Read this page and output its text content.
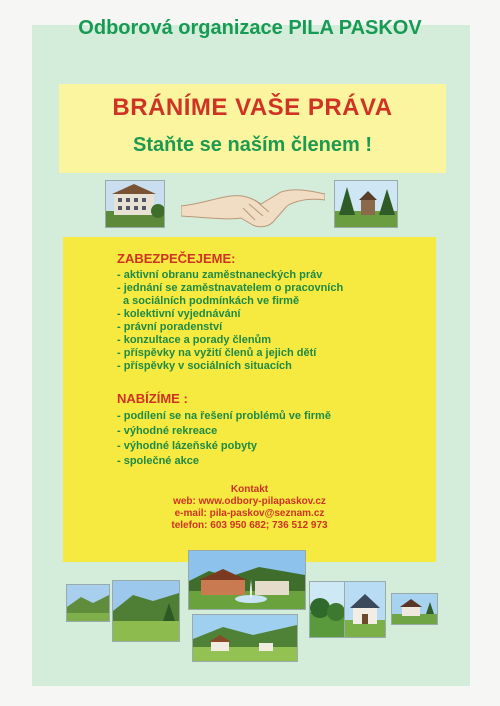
Odborová organizace PILA PASKOV
BRÁNÍME VAŠE PRÁVA
Staňte se naším členem !
ZABEZPEČEJEME:
- aktivní obranu zaměstnaneckých práv
- jednání se zaměstnavatelem o pracovních
a sociálních podmínkách ve firmě
- kolektivní vyjednávání
- právní poradenství
- konzultace a porady členům
- příspěvky na vyžití členů a jejich dětí
- příspěvky v sociálních situacích
NABÍZÍME :
- podílení se na řešení problémů ve firmě
- výhodné rekreace
- výhodné lázeňské pobyty
- společné akce
Kontakt
web: www.odbory-pilapaskov.cz
e-mail: pila-paskov@seznam.cz
telefon: 603 950 682; 736 512 973
